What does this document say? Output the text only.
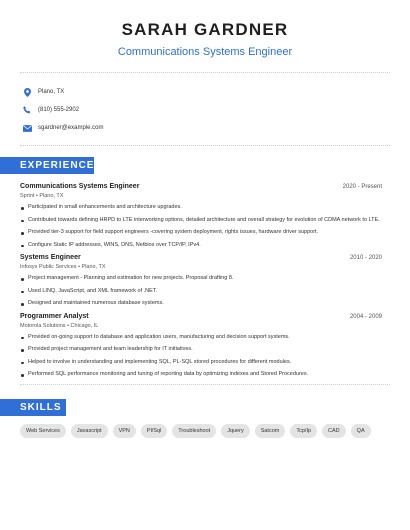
SARAH GARDNER
Communications Systems Engineer
Plano, TX
(810) 555-2902
sgardner@example.com
EXPERIENCE
Communications Systems Engineer	2020 - Present
Sprint • Plano, TX
Participated in small enhancements and architecture upgrades.
Contributed towards defining HRPD to LTE interworking options, detailed architecture and overall strategy for evolution of CDMA network to LTE.
Provided tier-3 support for field support engineers -covering system deployment, rights issues, hardware driver support.
Configure Static IP addresses, WINS, DNS, Netbios over TCP/IP, IPv4.
Systems Engineer	2010 - 2020
Infosys Public Services • Plano, TX
Project management - Planning and estimation for new projects. Proposal drafting 8.
Used LINQ, JavaScript, and XML framework of .NET.
Designed and maintained numerous database systems.
Programmer Analyst	2004 - 2009
Motorola Solutions • Chicago, IL
Provided on-going support to database and application users, manufacturing and decision support systems.
Provided project management and team leadership for IT initiatives.
Helped to involve in understanding and implementing SQL, PL-SQL stored procedures for different modules.
Performed SQL performance monitoring and tuning of reporting data by optimizing indexes and Stored Procedures.
SKILLS
Web Services	Javascript	VPN	Pl/Sql	Troubleshoot	Jquery	Satcom	Tcp/Ip	CAD	QA
